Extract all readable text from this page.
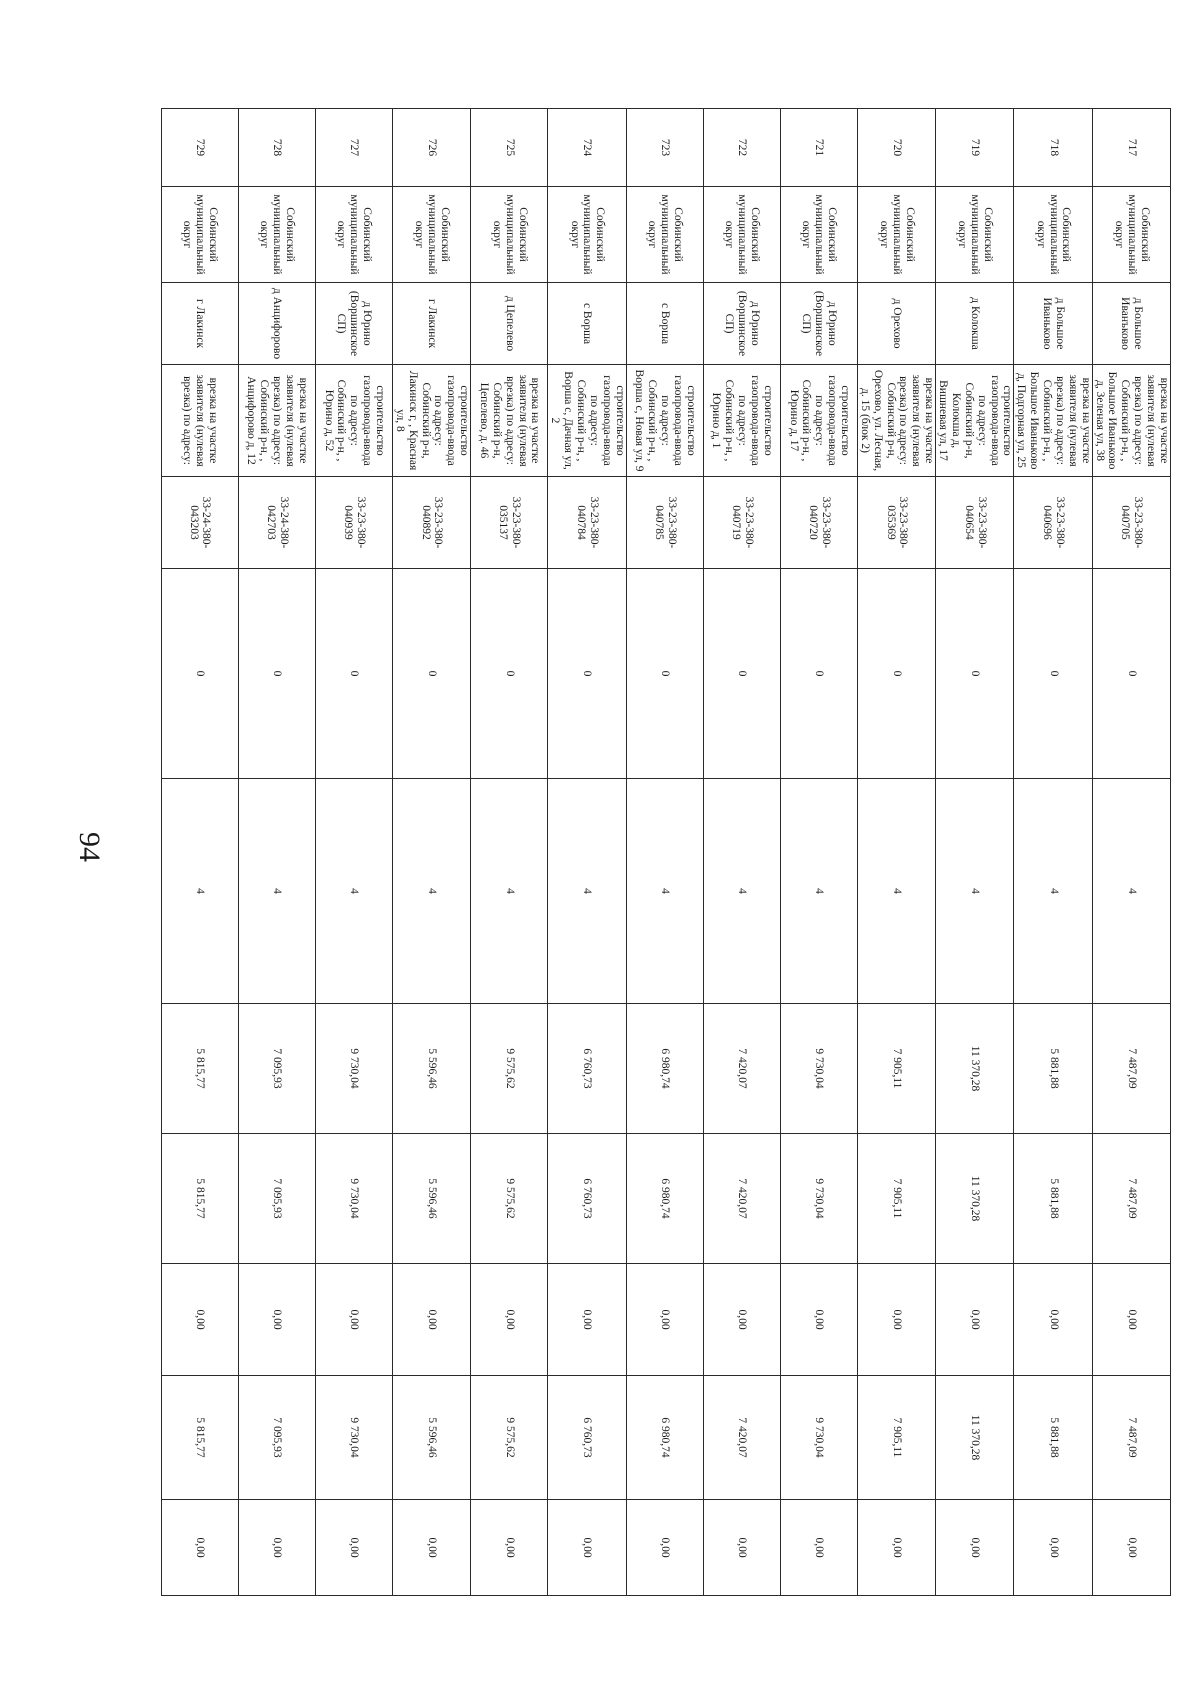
94
717	Собинский муниципальный округ	д Большое Иванъково	врезка на участке заявителя (нулевая врезка) по адресу: Собинский р-н, , Большое Иваньково д, Зеленая ул, 38	33-23-380-040705	0	4	7 487,09	7 487,09	0,00	7 487,09	0,00	
718	Собинский муниципальный округ	д Большое Иваньково	врезка на участке заявителя (нулевая врезка) по адресу: Собинский р-н, , Большое Иваньково д, Подгорная ул, 25	33-23-380-040696	0	4	5 881,88	5 881,88	0,00	5 881,88	0,00	
719	Собинский муниципальный округ	д Колокша	строительство газопровода-ввода по адресу: Собинский р-н, Колокша д, Вишневая ул, 17	33-23-380-040654	0	4	11 370,28	11 370,28	0,00	11 370,28	0,00	
720	Собинский муниципальный округ	д Орехово	врезка на участке заявителя (нулевая врезка) по адресу: Собинский р-н, Орехово, ул. Лесная, д. 15 (блок 2)	33-23-380-035369	0	4	7 905,11	7 905,11	0,00	7 905,11	0,00	
721	Собинский муниципальный округ	д Юрино (Воршинское СП)	строительство газопровода-ввода по адресу: Собинский р-н, , Юрино д, 17	33-23-380-040720	0	4	9 730,04	9 730,04	0,00	9 730,04	0,00	
722	Собинский муниципальный округ	д Юрино (Воршинское СП)	строительство газопровода-ввода по адресу: Собинский р-н, , Юрино д, 1	33-23-380-040719	0	4	7 420,07	7 420,07	0,00	7 420,07	0,00	
723	Собинский муниципальный округ	с Ворша	строительство газопровода-ввода по адресу: Собинский р-н, , Ворша с, Новая ул, 9	33-23-380-040785	0	4	6 980,74	6 980,74	0,00	6 980,74	0,00	
724	Собинский муниципальный округ	с Ворша	строительство газопровода-ввода по адресу: Собинский р-н, , Ворша с, Дачная ул, 2	33-23-380-040784	0	4	6 760,73	6 760,73	0,00	6 760,73	0,00	
725	Собинский муниципальный округ	д Цепелево	врезка на участке заявителя (нулевая врезка) по адресу: Собинский р-н, Цепелево, д. 46	33-23-380-035137	0	4	9 575,62	9 575,62	0,00	9 575,62	0,00	
726	Собинский муниципальный округ	г Лакинск	строительство газопровода-ввода по адресу: Собинский р-н, Лакинск г, , Красная ул, 8	33-23-380-040892	0	4	5 596,46	5 596,46	0,00	5 596,46	0,00	
727	Собинский муниципальный округ	д Юрино (Воршинское СП)	строительство газопровода-ввода по адресу: Собинский р-н, , Юрино д, 52	33-23-380-040939	0	4	9 730,04	9 730,04	0,00	9 730,04	0,00	
728	Собинский муниципальный округ	д Анцифорово	врезка на участке заявителя (нулевая врезка) по адресу: Собинский р-н, , Анцифорово д, 12	33-24-380-042703	0	4	7 095,93	7 095,93	0,00	7 095,93	0,00	
729	Собинский муниципальный округ	г Лакинск	врезка на участке заявителя (нулевая врезка) по адресу:	33-24-380-043203	0	4	5 815,77	5 815,77	0,00	5 815,77	0,00	
